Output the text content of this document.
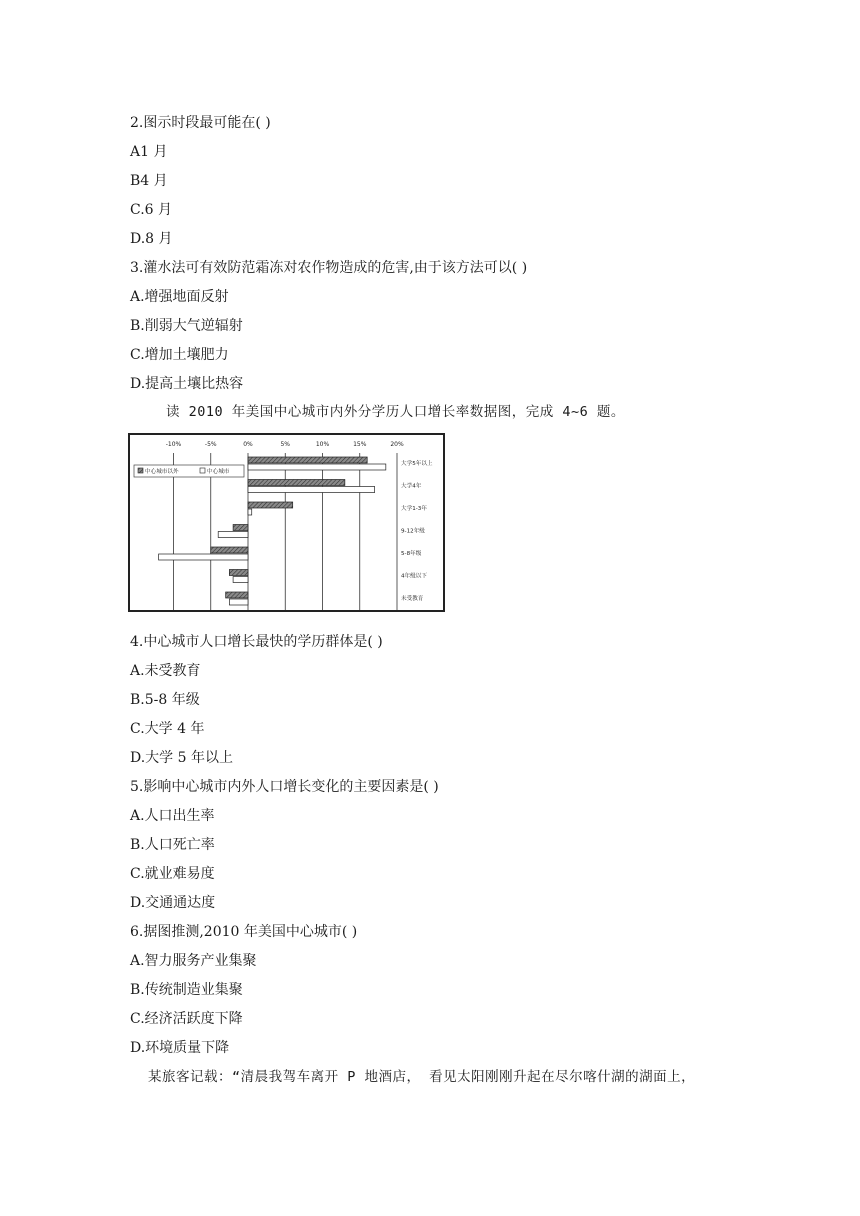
2.图示时段最可能在( )
A1 月
B4 月
C.6 月
D.8 月
3.灌水法可有效防范霜冻对农作物造成的危害,由于该方法可以( )
A.增强地面反射
B.削弱大气逆辐射
C.增加土壤肥力
D.提高土壤比热容
读 2010 年美国中心城市内外分学历人口增长率数据图，完成 4~6 题。
-10%	-5%	0%	5%	10%	15%	20%
大学5年以上
大学4年
大学1-3年
9-12年级
5-8年级
4年级以下
未受教育
中心城市以外	中心城市
4.中心城市人口增长最快的学历群体是( )
A.未受教育
B.5-8 年级
C.大学 4 年
D.大学 5 年以上
5.影响中心城市内外人口增长变化的主要因素是( )
A.人口出生率
B.人口死亡率
C.就业难易度
D.交通通达度
6.据图推测,2010 年美国中心城市( )
A.智力服务产业集聚
B.传统制造业集聚
C.经济活跃度下降
D.环境质量下降
某旅客记载：“清晨我驾车离开 P 地酒店， 看见太阳刚刚升起在尽尔喀什湖的湖面上，
